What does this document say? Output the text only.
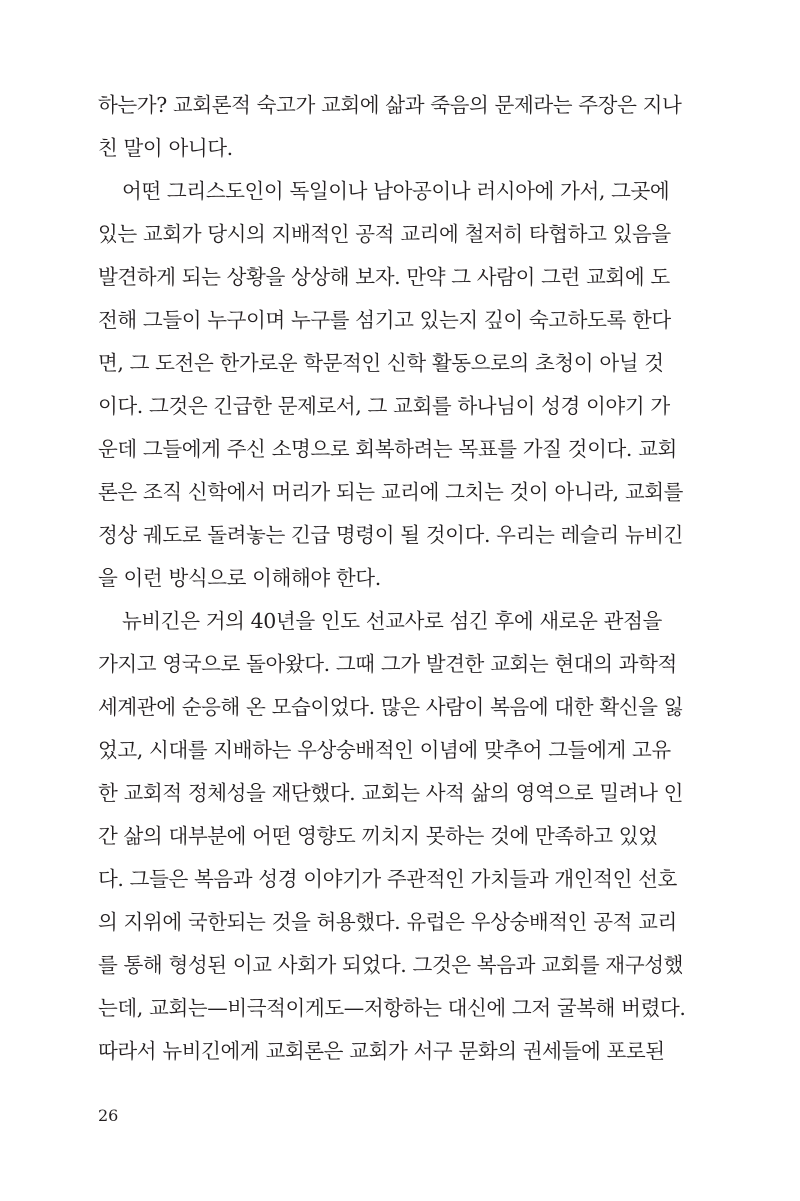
하는가? 교회론적 숙고가 교회에 삶과 죽음의 문제라는 주장은 지나

친 말이 아니다.

어떤 그리스도인이 독일이나 남아공이나 러시아에 가서, 그곳에

있는 교회가 당시의 지배적인 공적 교리에 철저히 타협하고 있음을

발견하게 되는 상황을 상상해 보자. 만약 그 사람이 그런 교회에 도

전해 그들이 누구이며 누구를 섬기고 있는지 깊이 숙고하도록 한다

면, 그 도전은 한가로운 학문적인 신학 활동으로의 초청이 아닐 것

이다. 그것은 긴급한 문제로서, 그 교회를 하나님이 성경 이야기 가

운데 그들에게 주신 소명으로 회복하려는 목표를 가질 것이다. 교회

론은 조직 신학에서 머리가 되는 교리에 그치는 것이 아니라, 교회를

정상 궤도로 돌려놓는 긴급 명령이 될 것이다. 우리는 레슬리 뉴비긴

을 이런 방식으로 이해해야 한다.

뉴비긴은 거의 40년을 인도 선교사로 섬긴 후에 새로운 관점을

가지고 영국으로 돌아왔다. 그때 그가 발견한 교회는 현대의 과학적

세계관에 순응해 온 모습이었다. 많은 사람이 복음에 대한 확신을 잃

었고, 시대를 지배하는 우상숭배적인 이념에 맞추어 그들에게 고유

한 교회적 정체성을 재단했다. 교회는 사적 삶의 영역으로 밀려나 인

간 삶의 대부분에 어떤 영향도 끼치지 못하는 것에 만족하고 있었

다. 그들은 복음과 성경 이야기가 주관적인 가치들과 개인적인 선호

의 지위에 국한되는 것을 허용했다. 유럽은 우상숭배적인 공적 교리

를 통해 형성된 이교 사회가 되었다. 그것은 복음과 교회를 재구성했

는데, 교회는—비극적이게도—저항하는 대신에 그저 굴복해 버렸다.

따라서 뉴비긴에게 교회론은 교회가 서구 문화의 권세들에 포로된

26
